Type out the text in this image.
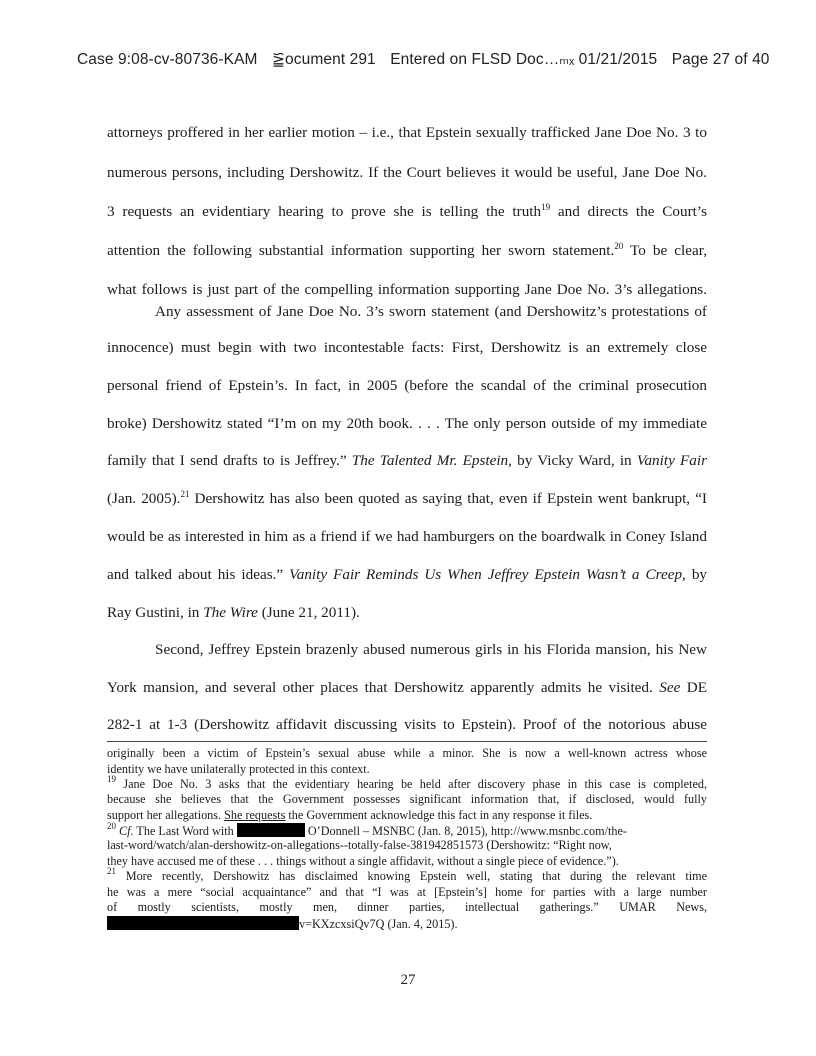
Case 9:08-cv-80736-KAM ⪠ocument 291 Entered on FLSD Doc…ₘₓ 01/21/2015 Page 27 of 40
attorneys proffered in her earlier motion – i.e., that Epstein sexually trafficked Jane Doe No. 3 to
numerous persons, including Dershowitz. If the Court believes it would be useful, Jane Doe No.
3 requests an evidentiary hearing to prove she is telling the truth$^{19}$ and directs the Court’s
attention the following substantial information supporting her sworn statement.$^{20}$ To be clear,
what follows is just part of the compelling information supporting Jane Doe No. 3’s allegations.
Any assessment of Jane Doe No. 3’s sworn statement (and Dershowitz’s protestations of
innocence) must begin with two incontestable facts: First, Dershowitz is an extremely close
personal friend of Epstein’s. In fact, in 2005 (before the scandal of the criminal prosecution
broke) Dershowitz stated “I’m on my 20th book. . . . The only person outside of my immediate
family that I send drafts to is Jeffrey.” The Talented Mr. Epstein, by Vicky Ward, in Vanity Fair
(Jan. 2005).$^{21}$ Dershowitz has also been quoted as saying that, even if Epstein went bankrupt, “I
would be as interested in him as a friend if we had hamburgers on the boardwalk in Coney Island
and talked about his ideas.” Vanity Fair Reminds Us When Jeffrey Epstein Wasn’t a Creep, by
Ray Gustini, in The Wire (June 21, 2011).
Second, Jeffrey Epstein brazenly abused numerous girls in his Florida mansion, his New
York mansion, and several other places that Dershowitz apparently admits he visited. See DE
282-1 at 1-3 (Dershowitz affidavit discussing visits to Epstein). Proof of the notorious abuse
originally been a victim of Epstein’s sexual abuse while a minor. She is now a well-known actress whose
identity we have unilaterally protected in this context.
$^{19}$ Jane Doe No. 3 asks that the evidentiary hearing be held after discovery phase in this case is completed,
because she believes that the Government possesses significant information that, if disclosed, would fully
support her allegations. She requests the Government acknowledge this fact in any response it files.
$^{20}$ Cf. The Last Word with	O’Donnell – MSNBC (Jan. 8, 2015), http://www.msnbc.com/the-
last-word/watch/alan-dershowitz-on-allegations--totally-false-381942851573 (Dershowitz: “Right now,
they have accused me of these . . . things without a single affidavit, without a single piece of evidence.”).
$^{21}$ More recently, Dershowitz has disclaimed knowing Epstein well, stating that during the relevant time
he was a mere “social acquaintance” and that “I was at [Epstein’s] home for parties with a large number
of mostly scientists, mostly men, dinner parties, intellectual gatherings.” UMAR News,
v=KXzcxsiQv7Q (Jan. 4, 2015).
27
